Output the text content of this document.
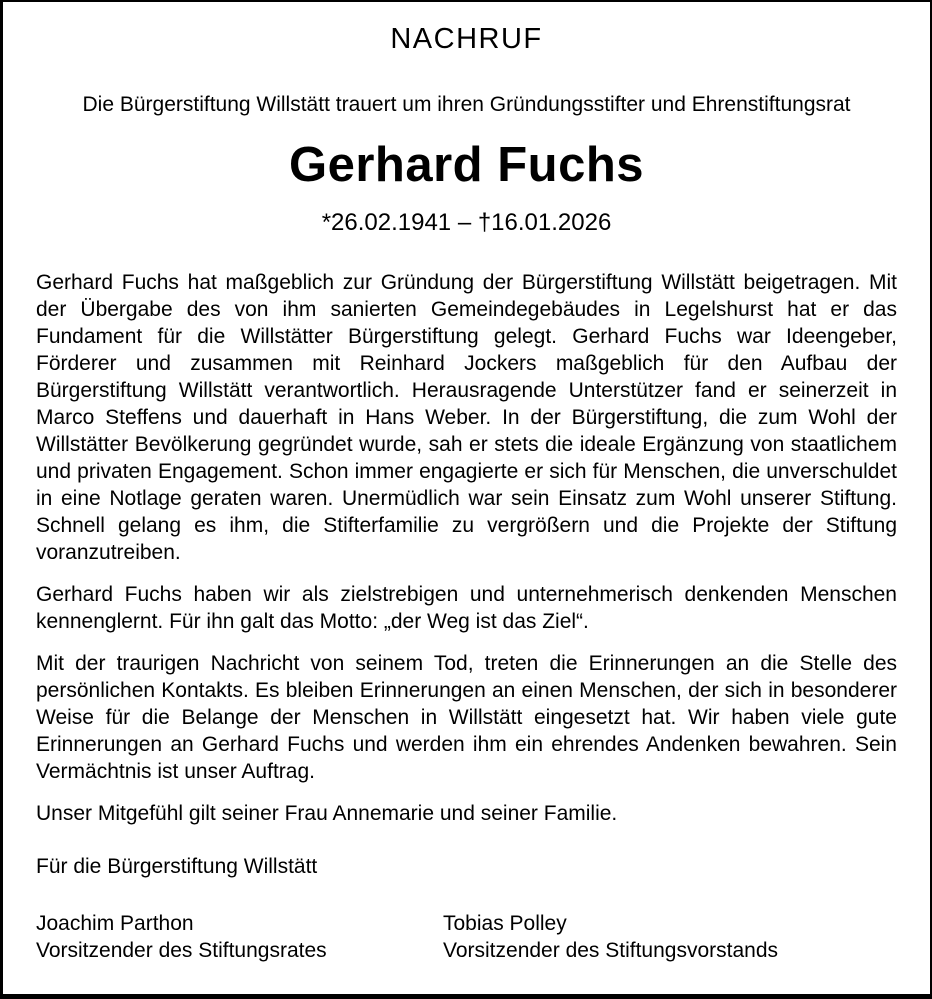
NACHRUF
Die Bürgerstiftung Willstätt trauert um ihren Gründungsstifter und Ehrenstiftungsrat
Gerhard Fuchs
*26.02.1941 – †16.01.2026

Gerhard Fuchs hat maßgeblich zur Gründung der Bürgerstiftung Willstätt beigetragen. Mit der Übergabe des von ihm sanierten Gemeindegebäudes in Legelshurst hat er das Fundament für die Willstätter Bürgerstiftung gelegt. Gerhard Fuchs war Ideengeber, Förderer und zusammen mit Reinhard Jockers maßgeblich für den Aufbau der Bürgerstiftung Willstätt verantwortlich. Herausragende Unterstützer fand er seinerzeit in Marco Steffens und dauerhaft in Hans Weber. In der Bürgerstiftung, die zum Wohl der Willstätter Bevölkerung gegründet wurde, sah er stets die ideale Ergänzung von staatlichem und privaten Engagement. Schon immer engagierte er sich für Menschen, die unverschuldet in eine Notlage geraten waren. Unermüdlich war sein Einsatz zum Wohl unserer Stiftung. Schnell gelang es ihm, die Stifterfamilie zu vergrößern und die Projekte der Stiftung voranzutreiben.

Gerhard Fuchs haben wir als zielstrebigen und unternehmerisch denkenden Menschen kennenglernt. Für ihn galt das Motto: „der Weg ist das Ziel“.

Mit der traurigen Nachricht von seinem Tod, treten die Erinnerungen an die Stelle des persönlichen Kontakts. Es bleiben Erinnerungen an einen Menschen, der sich in besonderer Weise für die Belange der Menschen in Willstätt eingesetzt hat. Wir haben viele gute Erinnerungen an Gerhard Fuchs und werden ihm ein ehrendes Andenken bewahren. Sein Vermächtnis ist unser Auftrag.

Unser Mitgefühl gilt seiner Frau Annemarie und seiner Familie.

Für die Bürgerstiftung Willstätt
Joachim Parthon
Vorsitzender des Stiftungsrates
Tobias Polley
Vorsitzender des Stiftungsvorstands
